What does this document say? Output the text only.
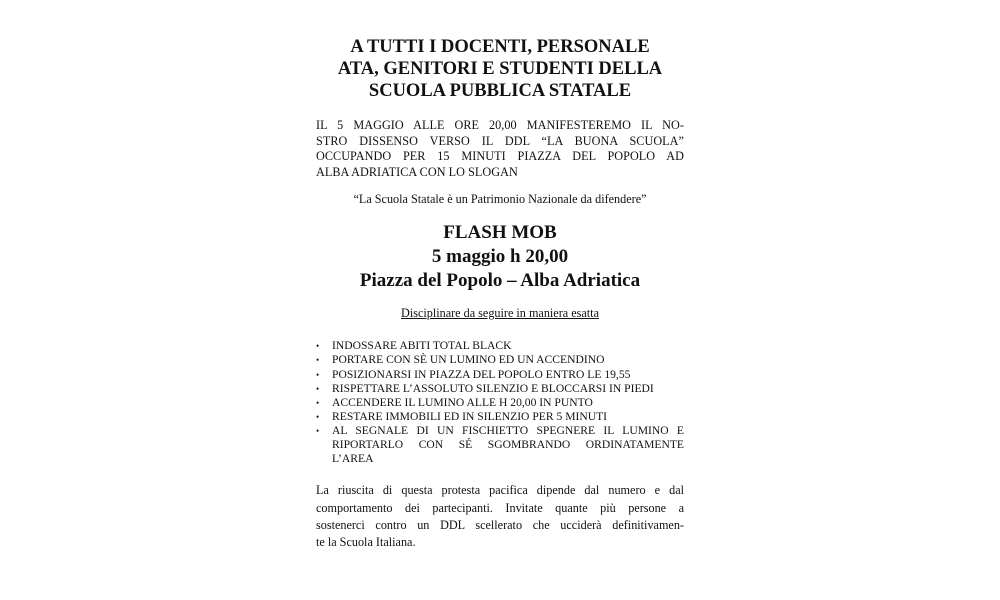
A TUTTI I DOCENTI, PERSONALE
ATA, GENITORI E STUDENTI DELLA
SCUOLA PUBBLICA STATALE

IL 5 MAGGIO ALLE ORE 20,00 MANIFESTEREMO IL NO-
STRO DISSENSO VERSO IL DDL “LA BUONA SCUOLA”
OCCUPANDO PER 15 MINUTI PIAZZA DEL POPOLO AD
ALBA ADRIATICA CON LO SLOGAN

“La Scuola Statale è un Patrimonio Nazionale da difendere”

FLASH MOB
5 maggio h 20,00
Piazza del Popolo – Alba Adriatica

Disciplinare da seguire in maniera esatta

• INDOSSARE ABITI TOTAL BLACK
• PORTARE CON SÈ UN LUMINO ED UN ACCENDINO
• POSIZIONARSI IN PIAZZA DEL POPOLO ENTRO LE 19,55
• RISPETTARE L’ASSOLUTO SILENZIO E BLOCCARSI IN PIEDI
• ACCENDERE IL LUMINO ALLE H 20,00 IN PUNTO
• RESTARE IMMOBILI ED IN SILENZIO PER 5 MINUTI
• AL SEGNALE DI UN FISCHIETTO SPEGNERE IL LUMINO E
RIPORTARLO CON SÉ SGOMBRANDO ORDINATAMENTE
L’AREA

La riuscita di questa protesta pacifica dipende dal numero e dal
comportamento dei partecipanti. Invitate quante più persone a
sostenerci contro un DDL scellerato che ucciderà definitivamen-
te la Scuola Italiana.
